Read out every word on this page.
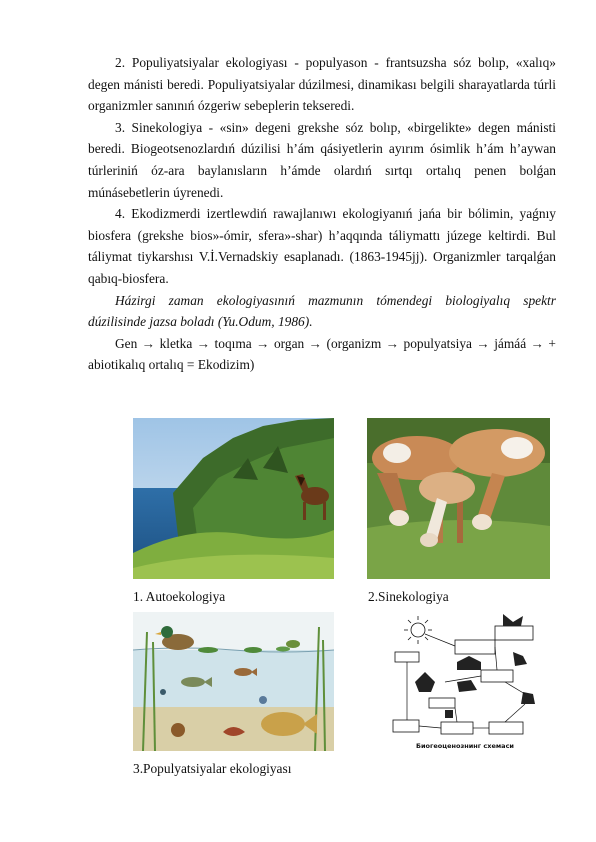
2. Populiyatsiyalar ekologiyası - populyason - frantsuzsha sóz bolıp, «xalıq» degen mánisti beredi. Populiyatsiyalar dúzilmesi, dinamikası belgili sharayatlarda túrli organizmler sanınıń ózgeriw sebeplerin tekseredi.

3. Sinekologiya - «sin» degeni grekshe sóz bolıp, «birgelikte» degen mánisti beredi. Biogeotsenozlardıń dúzilisi h’ám qásiyetlerin ayırım ósimlik h’ám h’aywan túrleriniń óz-ara baylanısların h’ámde olardıń sırtqı ortalıq penen bolǵan múnásebetlerin úyrenedi.

4. Ekodizmerdi izertlewdiń rawajlanıwı ekologiyanıń jańa bir bólimin, yaǵnıy biosfera (grekshe bios»-ómir, sfera»-shar) h’aqqında táliymattı júzege keltirdi. Bul táliymat tiykarshısı V.İ.Vernadskiy esaplanadı. (1863-1945jj). Organizmler tarqalǵan qabıq-biosfera.

Házirgi zaman ekologiyasınıń mazmunın tómendegi biologiyalıq spektr dúzilisinde jazsa boladı (Yu.Odum, 1986).

Gen → kletka → toqıma → organ → (organizm → populyatsiya → jámáá → + abiotikalıq ortalıq = Ekodizim)

1. Autoekologiya	2.Sinekologiya
Биогеоценознинг схемаси
3.Populyatsiyalar ekologiyası
